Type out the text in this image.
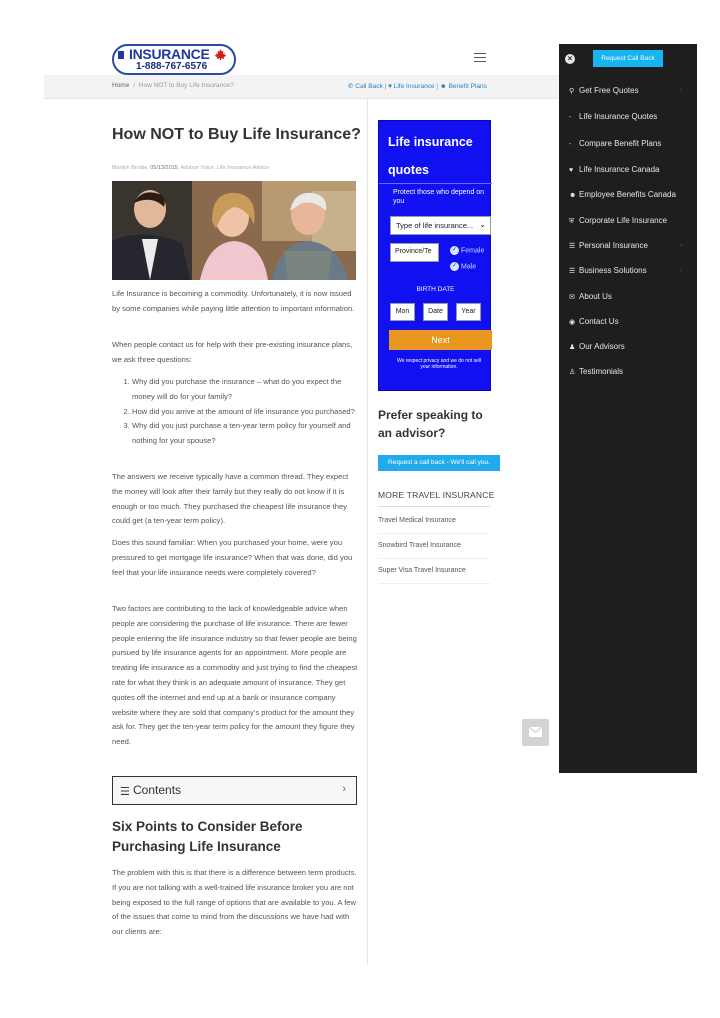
INSURANCE
1-888-767-6576
Home / How NOT to Buy Life Insurance?	✆ Call Back | ♥ Life Insurance | ☻ Benefit Plans
How NOT to Buy Life Insurance?
Marilyn Brodie, 05/13/2015, Advisor Voice, Life Insurance Advice
Life Insurance is becoming a commodity. Unfortunately, it is now issued by some companies while paying little attention to important information.
When people contact us for help with their pre-existing insurance plans, we ask three questions:
1. Why did you purchase the insurance – what do you expect the money will do for your family?
2. How did you arrive at the amount of life insurance you purchased?
3. Why did you just purchase a ten-year term policy for yourself and nothing for your spouse?
The answers we receive typically have a common thread. They expect the money will look after their family but they really do not know if it is enough or too much. They purchased the cheapest life insurance they could get (a ten-year term policy).
Does this sound familiar: When you purchased your home, were you pressured to get mortgage life insurance? When that was done, did you feel that your life insurance needs were completely covered?
Two factors are contributing to the lack of knowledgeable advice when people are considering the purchase of life insurance. There are fewer people entering the life insurance industry so that fewer people are being pursued by life insurance agents for an appointment. More people are treating life insurance as a commodity and just trying to find the cheapest rate for what they think is an adequate amount of insurance. They get quotes off the internet and end up at a bank or insurance company website where they are sold that company’s product for the amount they ask for. They get the ten-year term policy for the amount they figure they need.
☰ Contents	›
Six Points to Consider Before Purchasing Life Insurance
The problem with this is that there is a difference between term products. If you are not talking with a well-trained life insurance broker you are not being exposed to the full range of options that are available to you. A few of the issues that come to mind from the discussions we have had with our clients are:
Life insurance
quotes
Protect those who depend on you
Type of life insurance... ⌄
Province/Te	✓ Female
✓ Male
BIRTH DATE
Mon	Date	Year
Next
We respect privacy and we do not sell your information.
Prefer speaking to an advisor?
Request a call back - We'll call you.
MORE TRAVEL INSURANCE
Travel Medical Insurance
Snowbird Travel Insurance
Super Visa Travel Insurance
×	Request Call Back
⚲ Get Free Quotes	›
- Life Insurance Quotes
- Compare Benefit Plans
♥ Life Insurance Canada
☻ Employee Benefits Canada
⛨ Corporate Life Insurance
☰ Personal Insurance	›
☰ Business Solutions	›
✉ About Us
◉ Contact Us
♟ Our Advisors
♙ Testimonials
